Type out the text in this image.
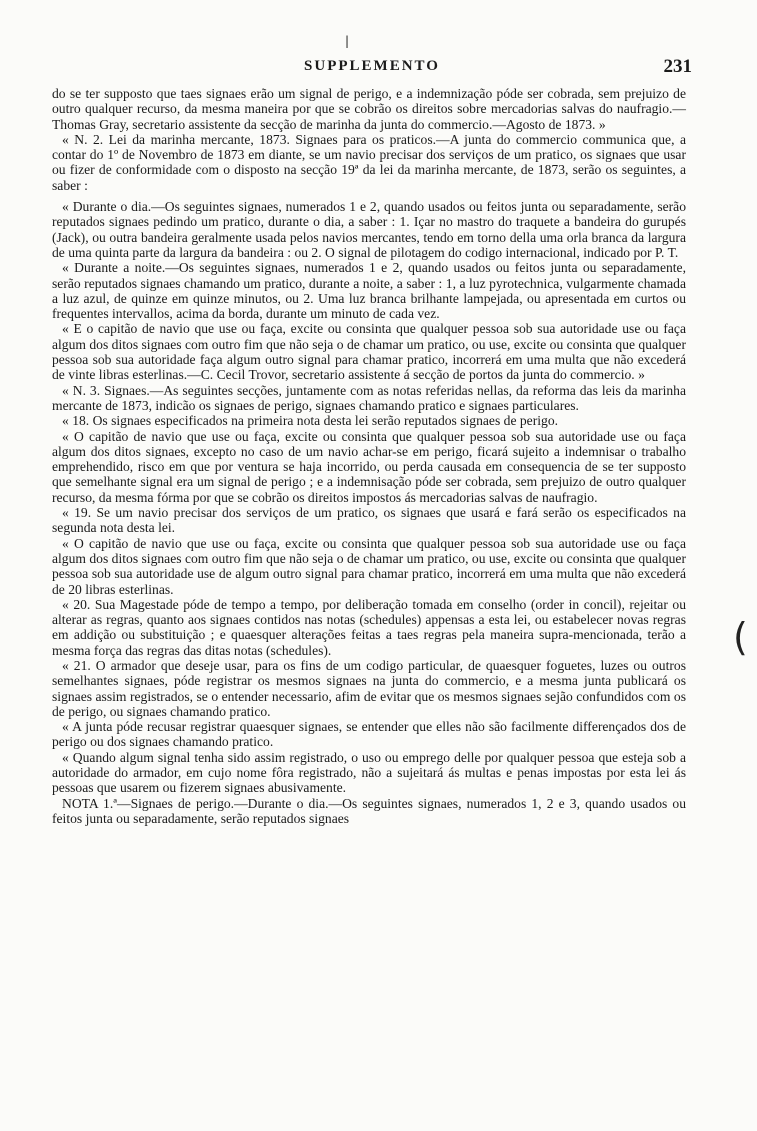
|
SUPPLEMENTO	231

do se ter supposto que taes signaes erão um signal de perigo, e a indemnização póde ser cobrada, sem prejuizo de outro qualquer recurso, da mesma maneira por que se cobrão os direitos sobre mercadorias salvas do naufragio.—Thomas Gray, secretario assistente da secção de marinha da junta do commercio.—Agosto de 1873. »

« N. 2. Lei da marinha mercante, 1873. Signaes para os praticos.—A junta do commercio communica que, a contar do 1º de Novembro de 1873 em diante, se um navio precisar dos serviços de um pratico, os signaes que usar ou fizer de conformidade com o disposto na secção 19ª da lei da marinha mercante, de 1873, serão os seguintes, a saber :

« Durante o dia.—Os seguintes signaes, numerados 1 e 2, quando usados ou feitos junta ou separadamente, serão reputados signaes pedindo um pratico, durante o dia, a saber : 1. Içar no mastro do traquete a bandeira do gurupés (Jack), ou outra bandeira geralmente usada pelos navios mercantes, tendo em torno della uma orla branca da largura de uma quinta parte da largura da bandeira : ou 2. O signal de pilotagem do codigo internacional, indicado por P. T.

« Durante a noite.—Os seguintes signaes, numerados 1 e 2, quando usados ou feitos junta ou separadamente, serão reputados signaes chamando um pratico, durante a noite, a saber : 1, a luz pyrotechnica, vulgarmente chamada a luz azul, de quinze em quinze minutos, ou 2. Uma luz branca brilhante lampejada, ou apresentada em curtos ou frequentes intervallos, acima da borda, durante um minuto de cada vez.

« E o capitão de navio que use ou faça, excite ou consinta que qualquer pessoa sob sua autoridade use ou faça algum dos ditos signaes com outro fim que não seja o de chamar um pratico, ou use, excite ou consinta que qualquer pessoa sob sua autoridade faça algum outro signal para chamar pratico, incorrerá em uma multa que não excederá de vinte libras esterlinas.—C. Cecil Trovor, secretario assistente á secção de portos da junta do commercio. »

« N. 3. Signaes.—As seguintes secções, juntamente com as notas referidas nellas, da reforma das leis da marinha mercante de 1873, indicão os signaes de perigo, signaes chamando pratico e signaes particulares.

« 18. Os signaes especificados na primeira nota desta lei serão reputados signaes de perigo.

« O capitão de navio que use ou faça, excite ou consinta que qualquer pessoa sob sua autoridade use ou faça algum dos ditos signaes, excepto no caso de um navio achar-se em perigo, ficará sujeito a indemnisar o trabalho emprehendido, risco em que por ventura se haja incorrido, ou perda causada em consequencia de se ter supposto que semelhante signal era um signal de perigo ; e a indemnisação póde ser cobrada, sem prejuizo de outro qualquer recurso, da mesma fórma por que se cobrão os direitos impostos ás mercadorias salvas de naufragio.

« 19. Se um navio precisar dos serviços de um pratico, os signaes que usará e fará serão os especificados na segunda nota desta lei.

« O capitão de navio que use ou faça, excite ou consinta que qualquer pessoa sob sua autoridade use ou faça algum dos ditos signaes com outro fim que não seja o de chamar um pratico, ou use, excite ou consinta que qualquer pessoa sob sua autoridade use de algum outro signal para chamar pratico, incorrerá em uma multa que não excederá de 20 libras esterlinas.

« 20. Sua Magestade póde de tempo a tempo, por deliberação tomada em conselho (order in concil), rejeitar ou alterar as regras, quanto aos signaes contidos nas notas (schedules) appensas a esta lei, ou estabelecer novas regras em addição ou substituição ; e quaesquer alterações feitas a taes regras pela maneira supra-mencionada, terão a mesma força das regras das ditas notas (schedules).

« 21. O armador que deseje usar, para os fins de um codigo particular, de quaesquer foguetes, luzes ou outros semelhantes signaes, póde registrar os mesmos signaes na junta do commercio, e a mesma junta publicará os signaes assim registrados, se o entender necessario, afim de evitar que os mesmos signaes sejão confundidos com os de perigo, ou signaes chamando pratico.

« A junta póde recusar registrar quaesquer signaes, se entender que elles não são facilmente differençados dos de perigo ou dos signaes chamando pratico.

« Quando algum signal tenha sido assim registrado, o uso ou emprego delle por qualquer pessoa que esteja sob a autoridade do armador, em cujo nome fôra registrado, não a sujeitará ás multas e penas impostas por esta lei ás pessoas que usarem ou fizerem signaes abusivamente.

NOTA 1.ª—Signaes de perigo.—Durante o dia.—Os seguintes signaes, numerados 1, 2 e 3, quando usados ou feitos junta ou separadamente, serão reputados signaes

(
